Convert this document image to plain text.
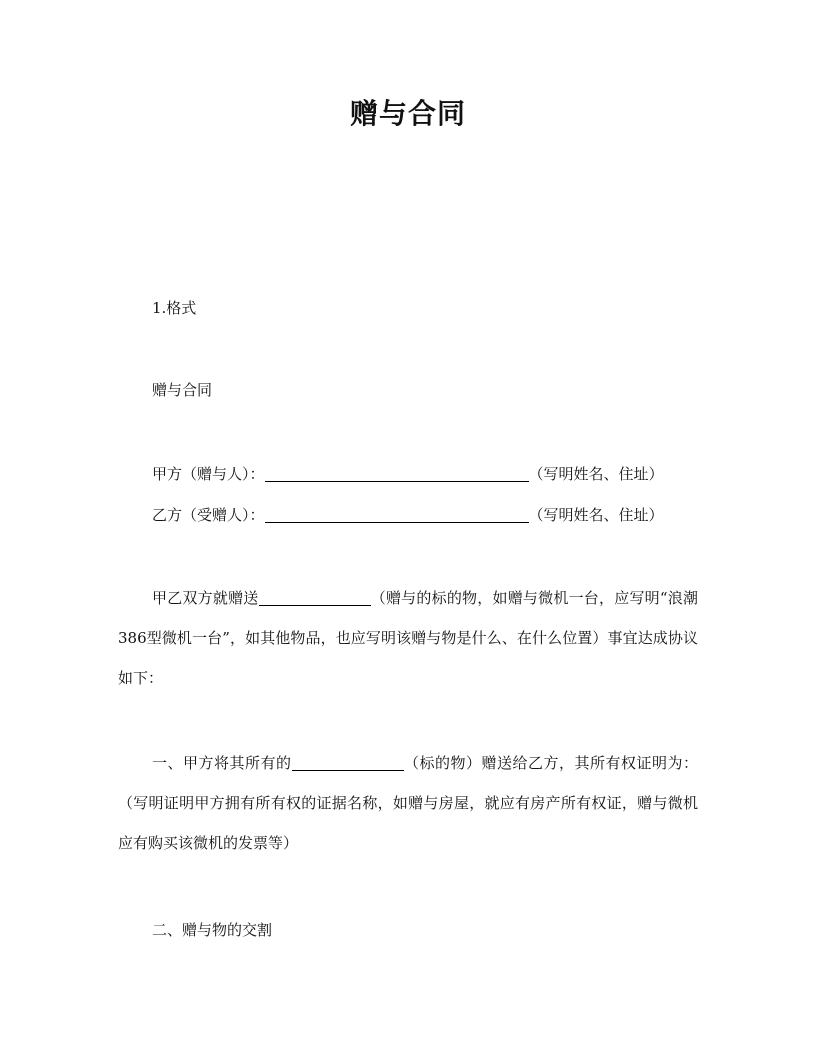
赠与合同
1.格式
赠与合同
甲方（赠与人）：	（写明姓名、住址）
乙方（受赠人）：	（写明姓名、住址）
甲乙双方就赠送	（赠与的标的物，如赠与微机一台，应写明“浪潮386型微机一台”，如其他物品，也应写明该赠与物是什么、在什么位置）事宜达成协议如下：
一、甲方将其所有的	（标的物）赠送给乙方，其所有权证明为：（写明证明甲方拥有所有权的证据名称，如赠与房屋，就应有房产所有权证，赠与微机应有购买该微机的发票等）
二、赠与物的交割
